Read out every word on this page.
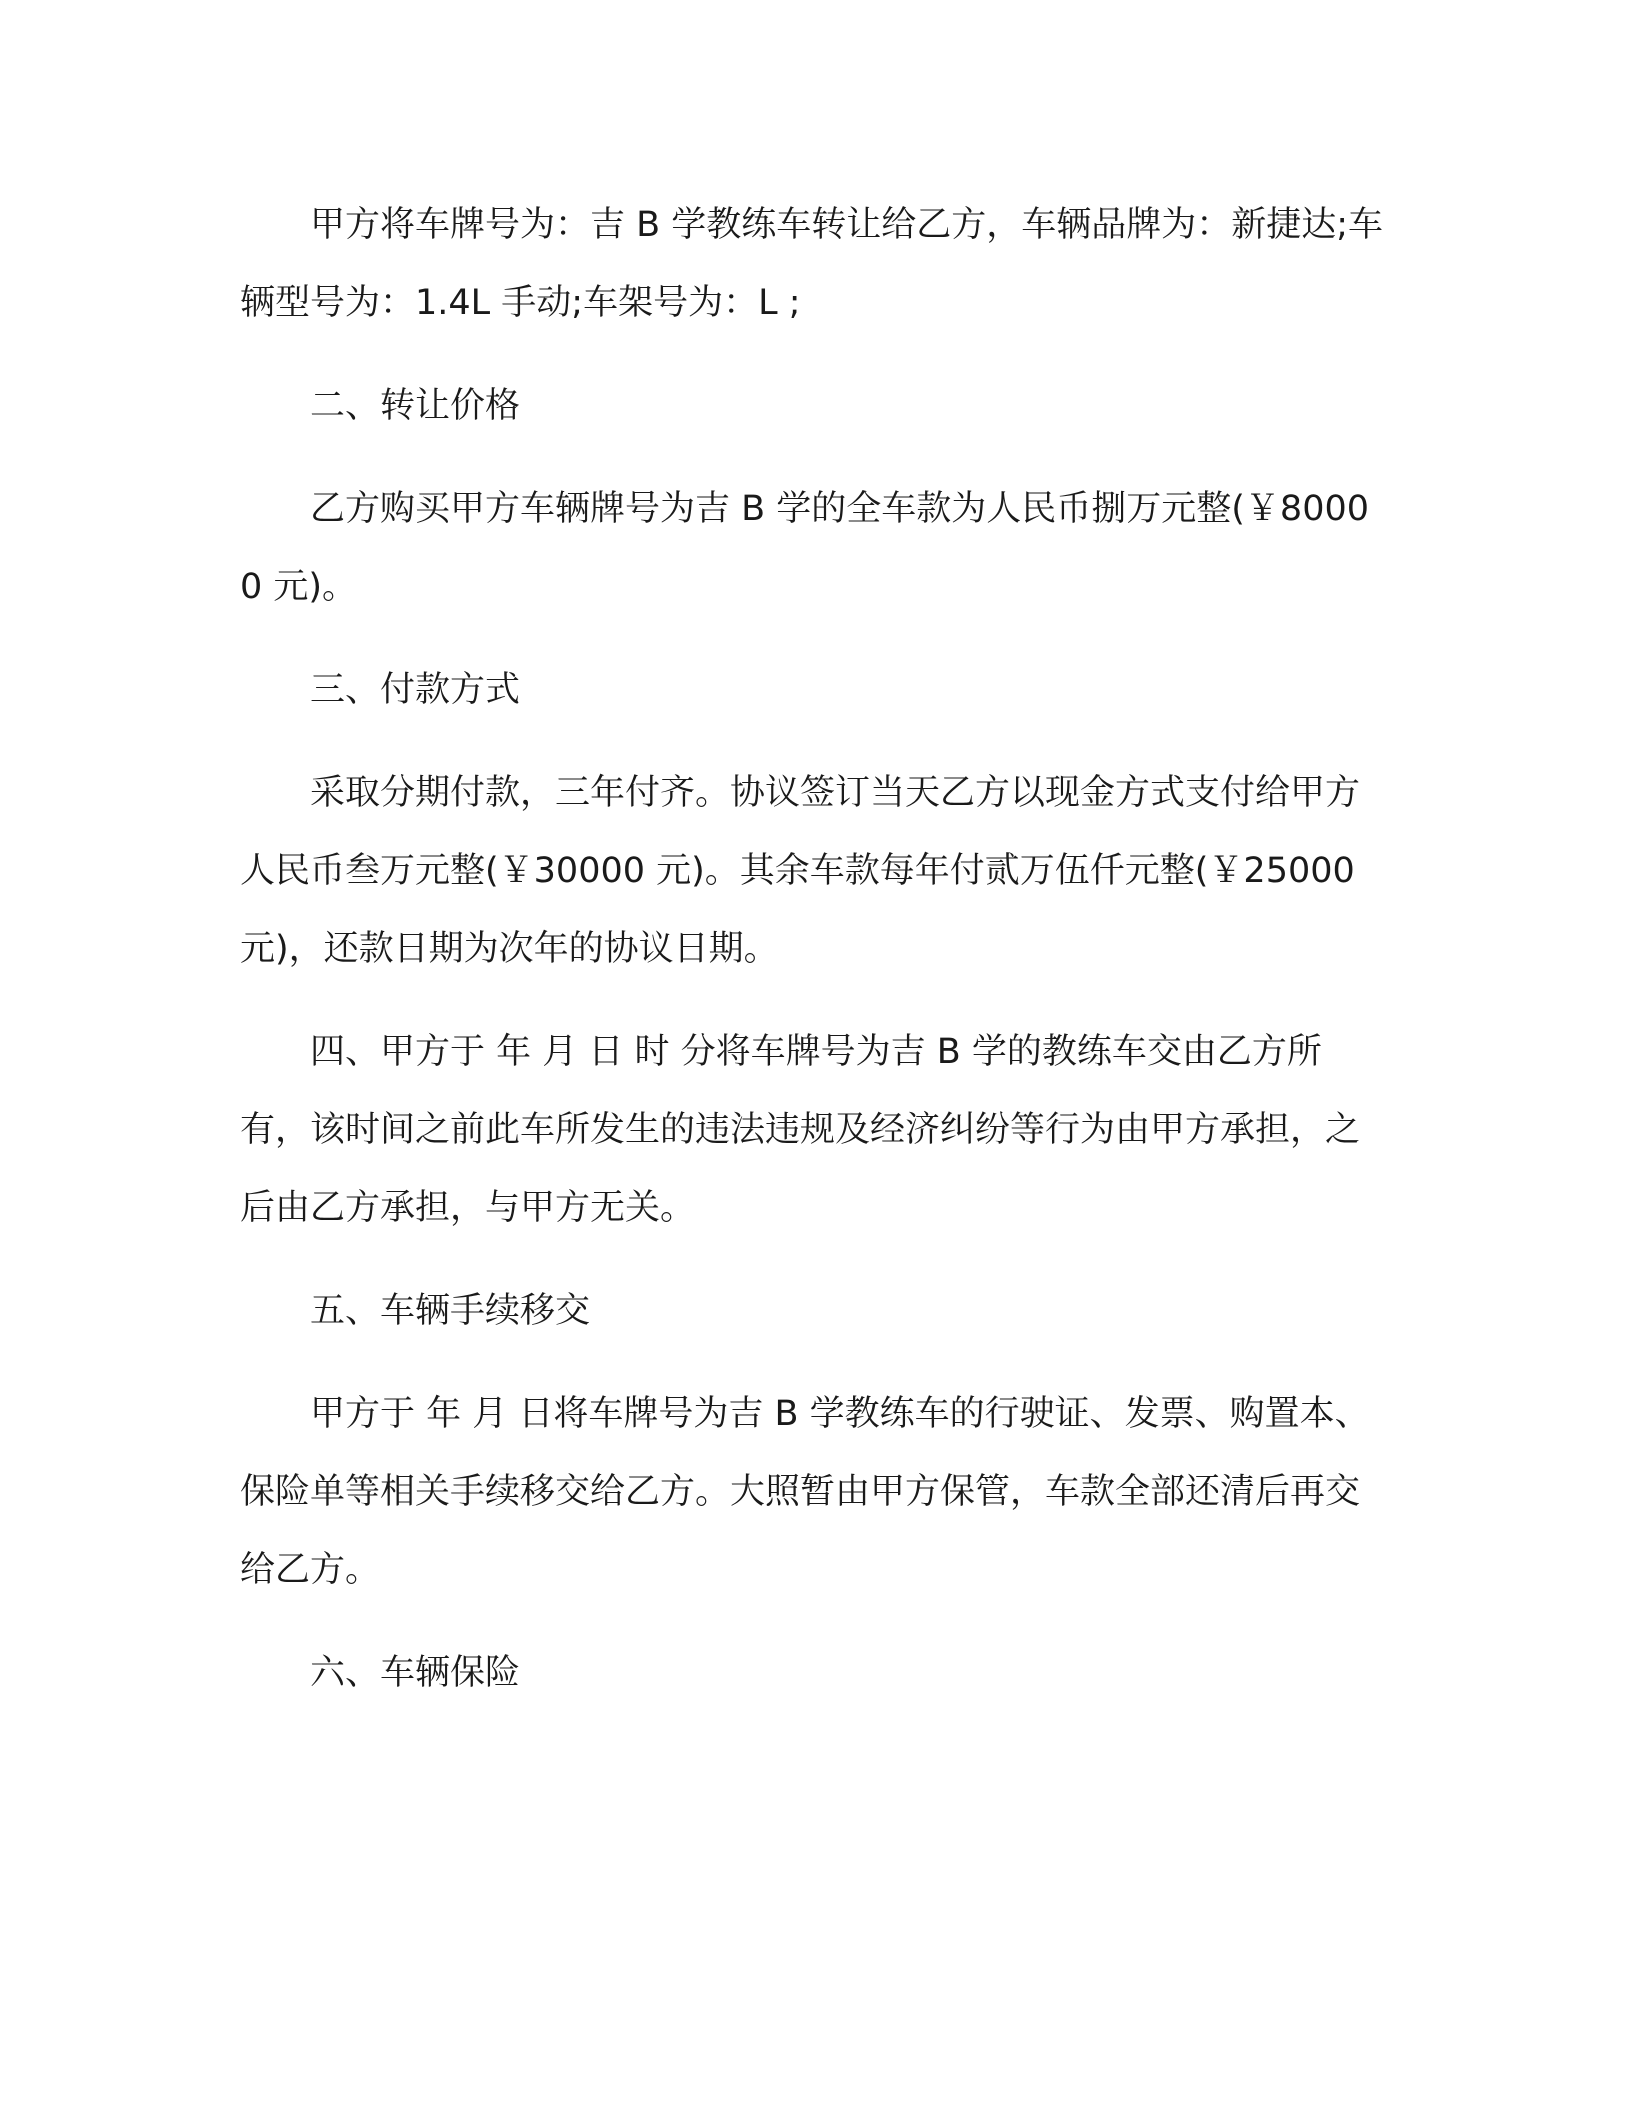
甲方将车牌号为：吉 B 学教练车转让给乙方，车辆品牌为：新捷达;车辆型号为：1.4L 手动;车架号为：L ;

二、转让价格

乙方购买甲方车辆牌号为吉 B 学的全车款为人民币捌万元整(￥80000 元)。

三、付款方式

采取分期付款，三年付齐。协议签订当天乙方以现金方式支付给甲方人民币叁万元整(￥30000 元)。其余车款每年付贰万伍仟元整(￥25000 元)，还款日期为次年的协议日期。

四、甲方于 年 月 日 时 分将车牌号为吉 B 学的教练车交由乙方所有，该时间之前此车所发生的违法违规及经济纠纷等行为由甲方承担，之后由乙方承担，与甲方无关。

五、车辆手续移交

甲方于 年 月 日将车牌号为吉 B 学教练车的行驶证、发票、购置本、保险单等相关手续移交给乙方。大照暂由甲方保管，车款全部还清后再交给乙方。

六、车辆保险
